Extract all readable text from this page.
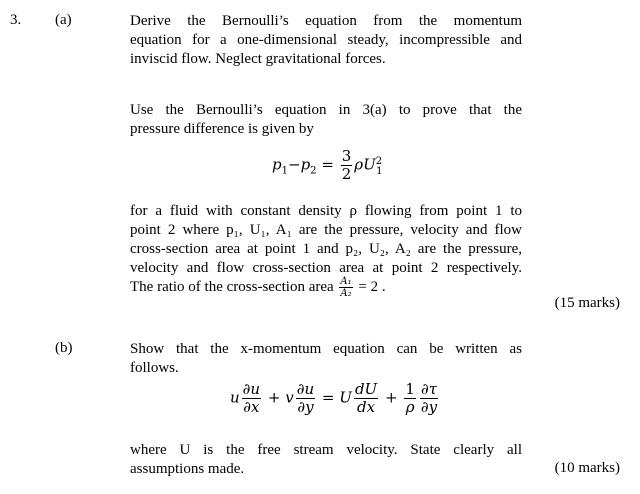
3. (a)	Derive the Bernoulli’s equation from the momentum
equation for a one-dimensional steady, incompressible and
inviscid flow. Neglect gravitational forces.
Use the Bernoulli’s equation in 3(a) to prove that the
pressure difference is given by
$p_1-p_2 = \frac{3}{2} \rho U^2_1$
for a fluid with constant density ρ flowing from point 1 to
point 2 where p₁, U₁, A₁ are the pressure, velocity and flow
cross-section area at point 1 and p₂, U₂, A₂ are the pressure,
velocity and flow cross-section area at point 2 respectively.
The ratio of the cross-section area $\frac{\text{A₁}}{\text{A₂}} = 2$ .
(15 marks)
(b)	Show that the x-momentum equation can be written as
follows.
u $\frac{\partial u}{\partial x} + v \frac{\partial u}{\partial y} = U \frac{dU}{dx} + \frac{1}{\rho} \frac{\partial\tau}{\partial y}$
where U is the free stream velocity. State clearly all
assumptions made.	(10 marks)
